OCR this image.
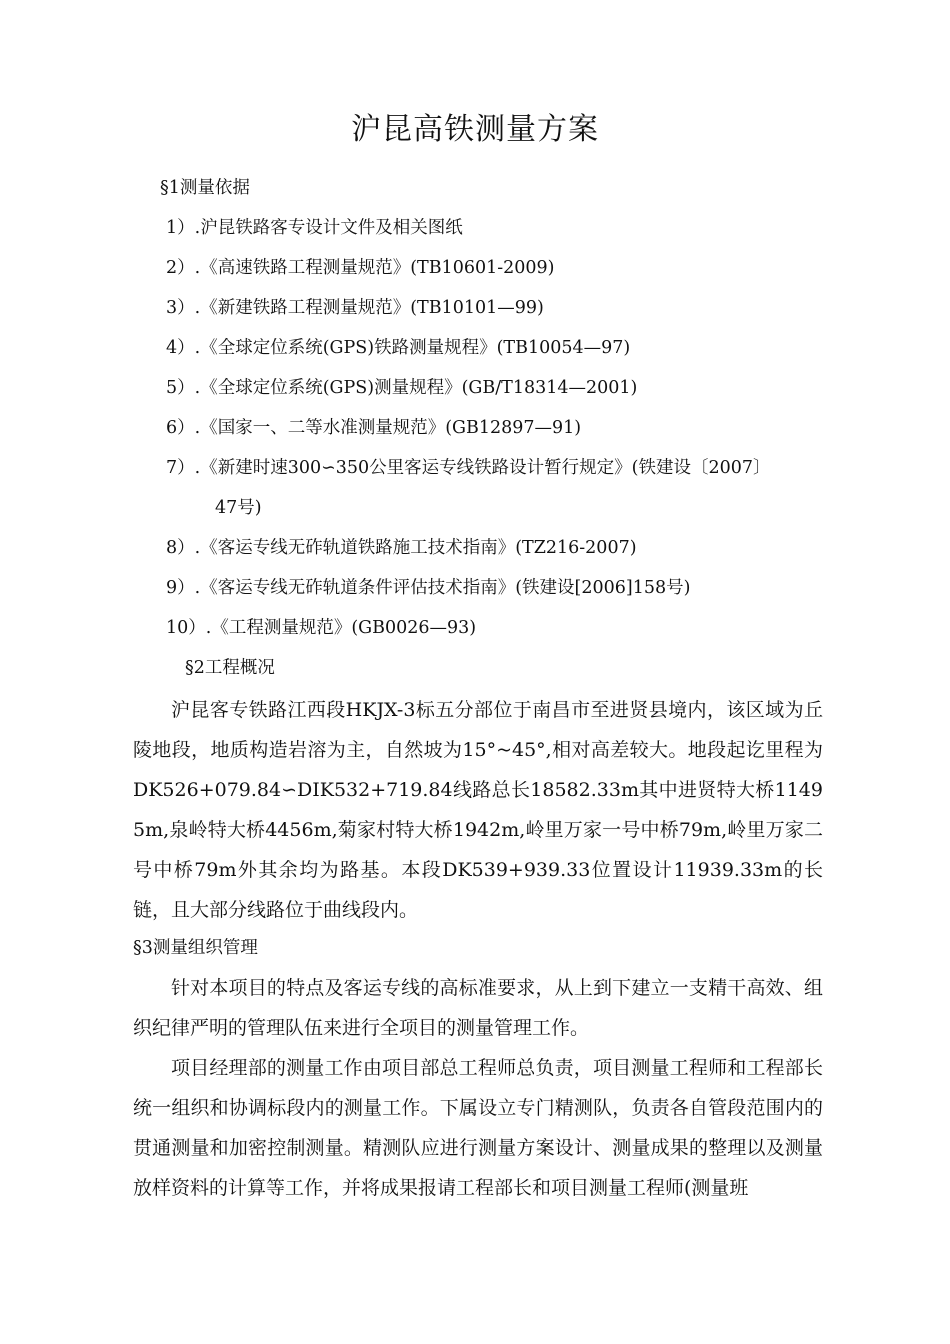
沪昆高铁测量方案
§1测量依据
1）.沪昆铁路客专设计文件及相关图纸
2）.《高速铁路工程测量规范》(TB10601-2009)
3）.《新建铁路工程测量规范》(TB10101—99)
4）.《全球定位系统(GPS)铁路测量规程》(TB10054—97)
5）.《全球定位系统(GPS)测量规程》(GB/T18314—2001)
6）.《国家一、二等水准测量规范》(GB12897—91)
7）.《新建时速300∽350公里客运专线铁路设计暂行规定》(铁建设〔2007〕
47号)
8）.《客运专线无砟轨道铁路施工技术指南》(TZ216-2007)
9）.《客运专线无砟轨道条件评估技术指南》(铁建设[2006]158号)
10）.《工程测量规范》(GB0026—93)
§2工程概况
沪昆客专铁路江西段HKJX-3标五分部位于南昌市至进贤县境内，该区域为丘陵地段，地质构造岩溶为主，自然坡为15°~45°,相对高差较大。地段起讫里程为DK526+079.84∽DIK532+719.84线路总长18582.33m其中进贤特大桥11495m,泉岭特大桥4456m,菊家村特大桥1942m,岭里万家一号中桥79m,岭里万家二号中桥79m外其余均为路基。本段DK539+939.33位置设计11939.33m的长链，且大部分线路位于曲线段内。
§3测量组织管理
针对本项目的特点及客运专线的高标准要求，从上到下建立一支精干高效、组织纪律严明的管理队伍来进行全项目的测量管理工作。
项目经理部的测量工作由项目部总工程师总负责，项目测量工程师和工程部长统一组织和协调标段内的测量工作。下属设立专门精测队，负责各自管段范围内的贯通测量和加密控制测量。精测队应进行测量方案设计、测量成果的整理以及测量放样资料的计算等工作，并将成果报请工程部长和项目测量工程师(测量班
